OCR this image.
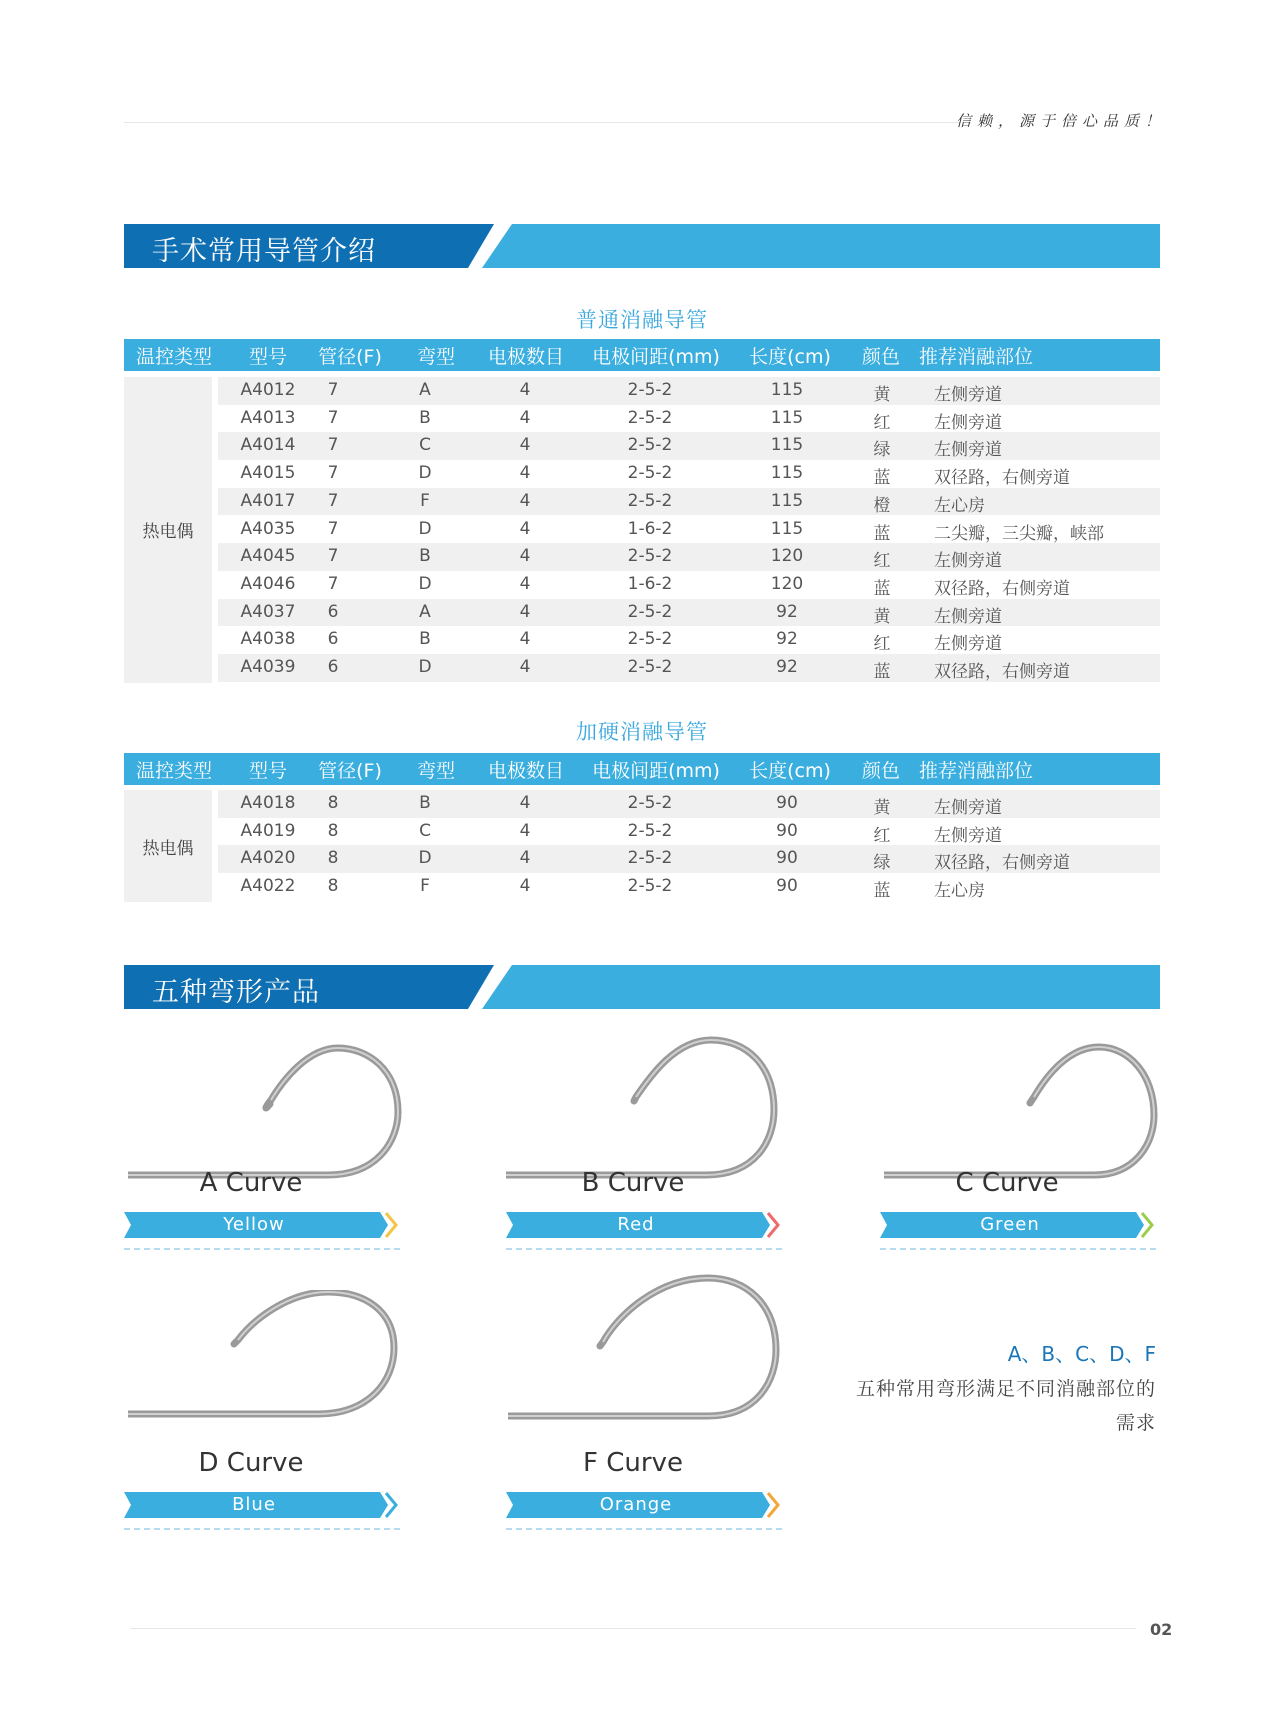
信赖，源于倍心品质！
手术常用导管介绍
普通消融导管
温控类型 型号 管径(F) 弯型 电极数目 电极间距(mm) 长度(cm) 颜色 推荐消融部位
热电偶
A4012 7	A	4	2-5-2	115	黄	左侧旁道
A4013 7	B	4	2-5-2	115	红	左侧旁道
A4014 7	C	4	2-5-2	115	绿	左侧旁道
A4015 7	D	4	2-5-2	115	蓝	双径路，右侧旁道
A4017 7	F	4	2-5-2	115	橙	左心房
A4035 7	D	4	1-6-2	115	蓝	二尖瓣，三尖瓣，峡部
A4045 7	B	4	2-5-2	120	红	左侧旁道
A4046 7	D	4	1-6-2	120	蓝	双径路，右侧旁道
A4037 6	A	4	2-5-2	92	黄	左侧旁道
A4038 6	B	4	2-5-2	92	红	左侧旁道
A4039 6	D	4	2-5-2	92	蓝	双径路，右侧旁道
加硬消融导管
温控类型 型号 管径(F) 弯型 电极数目 电极间距(mm) 长度(cm) 颜色 推荐消融部位
热电偶
A4018 8	B	4	2-5-2	90	黄	左侧旁道
A4019 8	C	4	2-5-2	90	红	左侧旁道
A4020 8	D	4	2-5-2	90	绿	双径路，右侧旁道
A4022 8	F	4	2-5-2	90	蓝	左心房
五种弯形产品
A Curve
Yellow
B Curve
Red
C Curve
Green
D Curve
Blue
F Curve
Orange
A、B、C、D、F
五种常用弯形满足不同消融部位的需求
02
